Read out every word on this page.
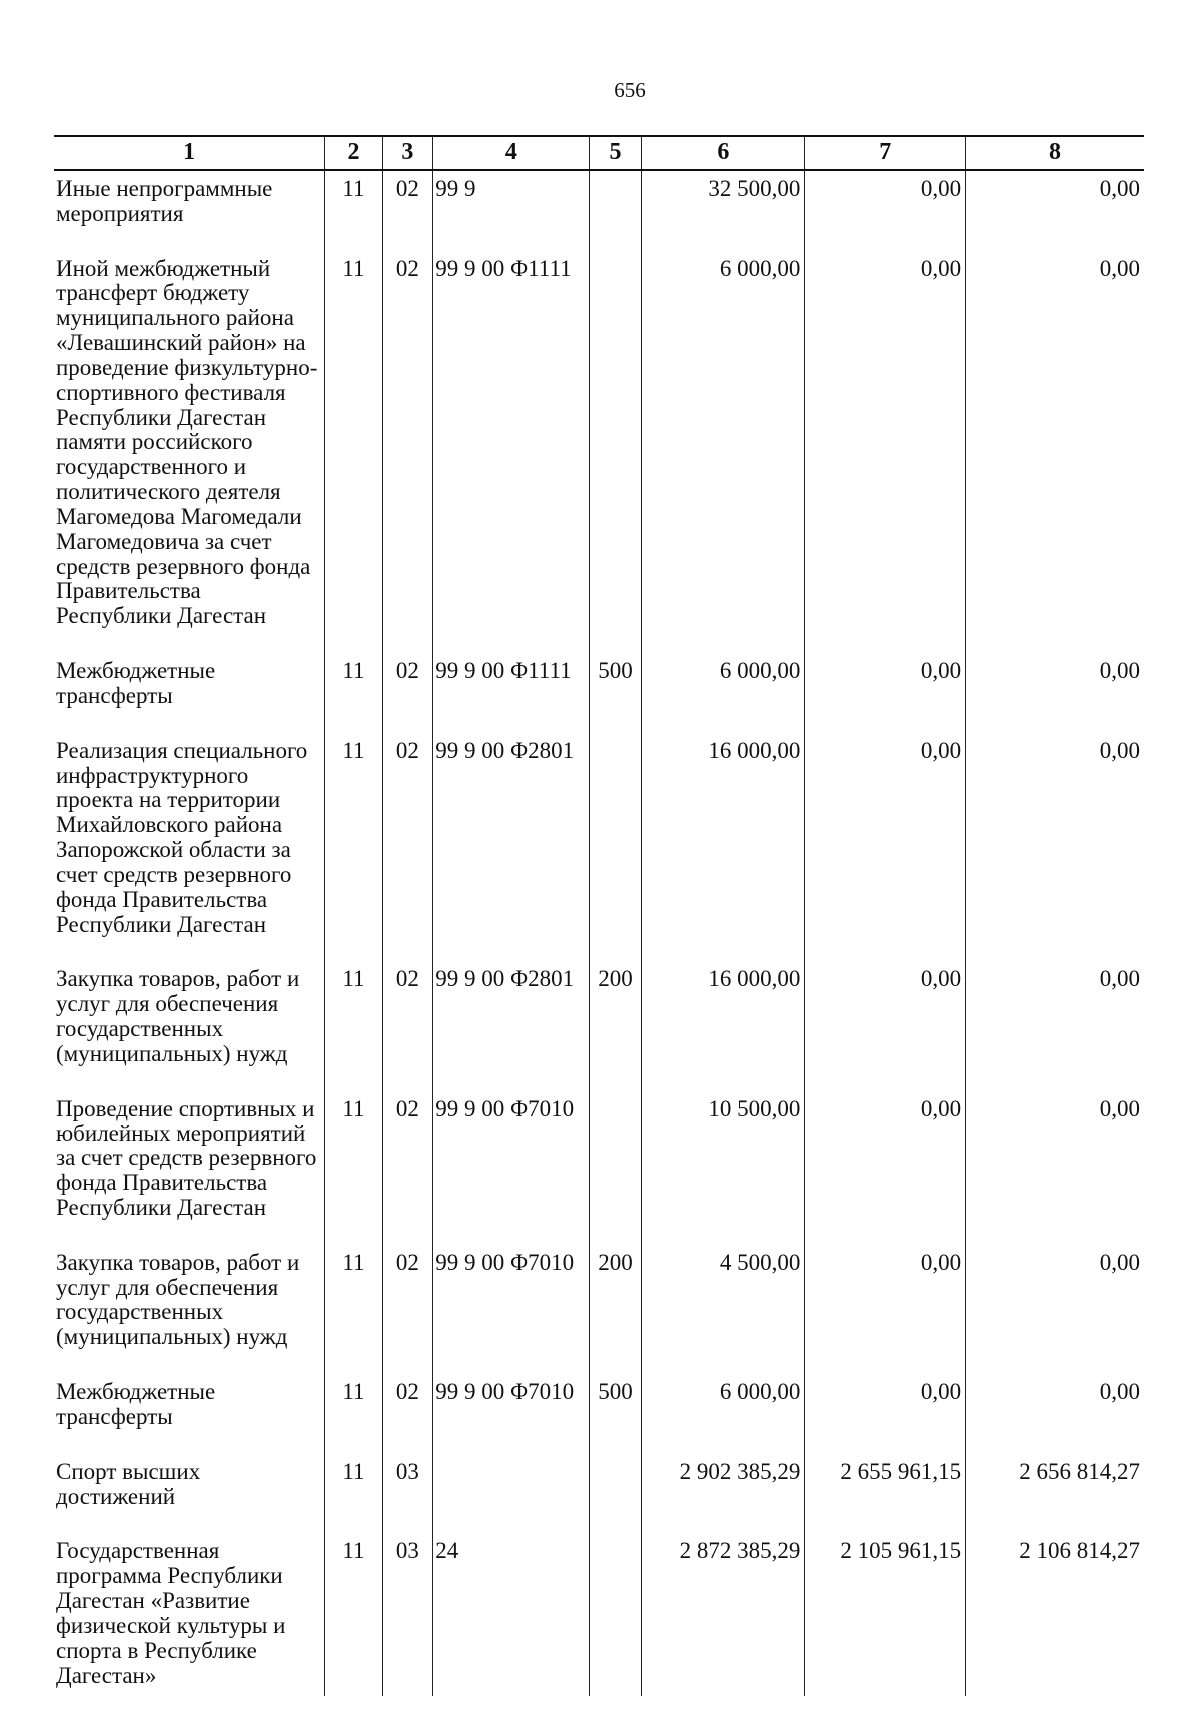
656
1	2	3	4	5	6	7	8
Иные непрограммные мероприятия	11	02	99 9		32 500,00	0,00	0,00
Иной межбюджетный трансферт бюджету муниципального района «Левашинский район» на проведение физкультурно-спортивного фестиваля Республики Дагестан памяти российского государственного и политического деятеля Магомедова Магомедали Магомедовича за счет средств резервного фонда Правительства Республики Дагестан	11	02	99 9 00 Ф1111		6 000,00	0,00	0,00
Межбюджетные трансферты	11	02	99 9 00 Ф1111	500	6 000,00	0,00	0,00
Реализация специального инфраструктурного проекта на территории Михайловского района Запорожской области за счет средств резервного фонда Правительства Республики Дагестан	11	02	99 9 00 Ф2801		16 000,00	0,00	0,00
Закупка товаров, работ и услуг для обеспечения государственных (муниципальных) нужд	11	02	99 9 00 Ф2801	200	16 000,00	0,00	0,00
Проведение спортивных и юбилейных мероприятий за счет средств резервного фонда Правительства Республики Дагестан	11	02	99 9 00 Ф7010		10 500,00	0,00	0,00
Закупка товаров, работ и услуг для обеспечения государственных (муниципальных) нужд	11	02	99 9 00 Ф7010	200	4 500,00	0,00	0,00
Межбюджетные трансферты	11	02	99 9 00 Ф7010	500	6 000,00	0,00	0,00
Спорт высших достижений	11	03			2 902 385,29	2 655 961,15	2 656 814,27
Государственная программа Республики Дагестан «Развитие физической культуры и спорта в Республике Дагестан»	11	03	24		2 872 385,29	2 105 961,15	2 106 814,27
